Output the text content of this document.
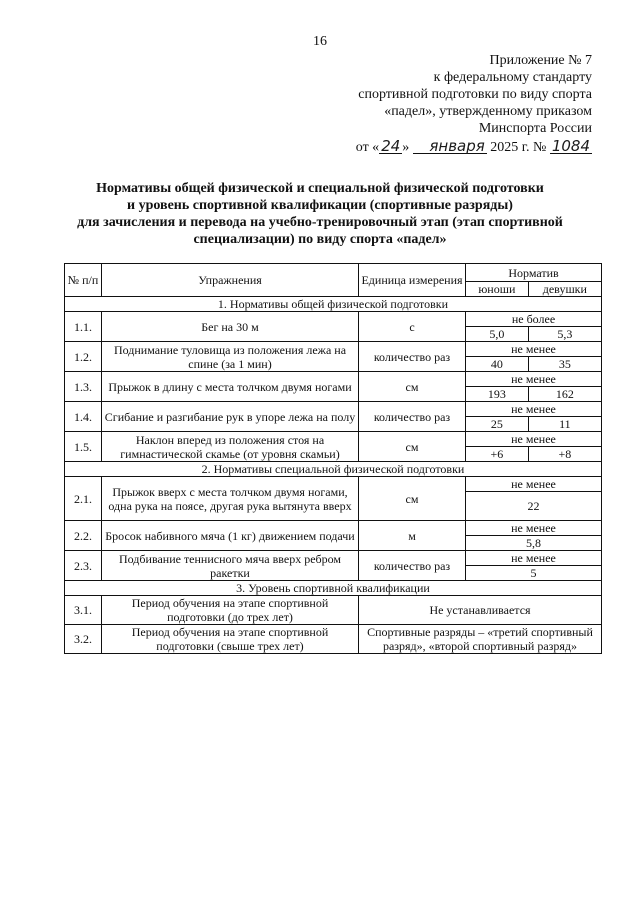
16
Приложение № 7
к федеральному стандарту
спортивной подготовки по виду спорта
«падел», утвержденному приказом
Минспорта России
от « 24 » января 2025 г. № 1084
Нормативы общей физической и специальной физической подготовки
и уровень спортивной квалификации (спортивные разряды)
для зачисления и перевода на учебно-тренировочный этап (этап спортивной
специализации) по виду спорта «падел»
№ п/п	Упражнения	Единица измерения	Норматив	
			юноши	девушки
1. Нормативы общей физической подготовки				
1.1.	Бег на 30 м	с	не более	
			5,0	5,3
1.2.	Поднимание туловища из положения лежа на спине (за 1 мин)	количество раз	не менее	
			40	35
1.3.	Прыжок в длину с места толчком двумя ногами	см	не менее	
			193	162
1.4.	Сгибание и разгибание рук в упоре лежа на полу	количество раз	не менее	
			25	11
1.5.	Наклон вперед из положения стоя на гимнастической скамье (от уровня скамьи)	см	не менее	
			+6	+8
2. Нормативы специальной физической подготовки				
2.1.	Прыжок вверх с места толчком двумя ногами, одна рука на поясе, другая рука вытянута вверх	см	не менее	
			22	
2.2.	Бросок набивного мяча (1 кг) движением подачи	м	не менее	
			5,8	
2.3.	Подбивание теннисного мяча вверх ребром ракетки	количество раз	не менее	
			5	
3. Уровень спортивной квалификации				
3.1.	Период обучения на этапе спортивной подготовки (до трех лет)	Не устанавливается		
3.2.	Период обучения на этапе спортивной подготовки (свыше трех лет)	Спортивные разряды – «третий спортивный разряд», «второй спортивный разряд»		
